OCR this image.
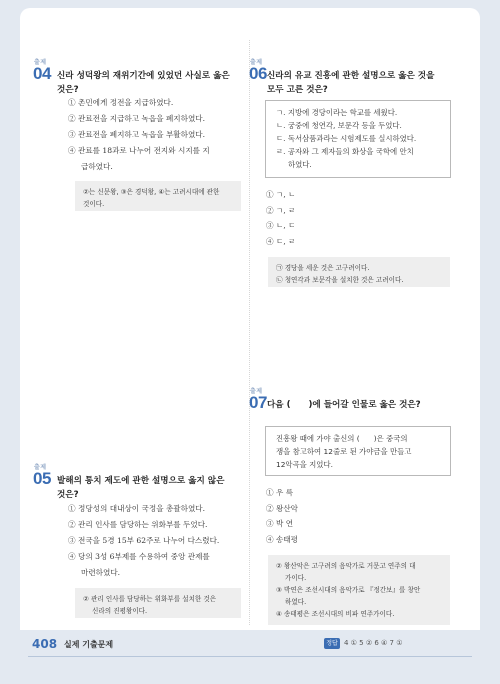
출제
04 신라 성덕왕의 재위기간에 있었던 사실로 옳은
것은?
① 촌민에게 정전을 지급하였다.
② 관료전을 지급하고 녹읍을 폐지하였다.
③ 관료전을 폐지하고 녹읍을 부활하였다.
④ 관료를 18과로 나누어 전지와 시지를 지
급하였다.
②는 신문왕, ③은 경덕왕, ④는 고려시대에 관한
것이다.
출제
06 신라의 유교 진흥에 관한 설명으로 옳은 것을
모두 고른 것은?
ㄱ. 지방에 경당이라는 학교를 세웠다.
ㄴ. 궁중에 청연각, 보문각 등을 두었다.
ㄷ. 독서삼품과라는 시험제도를 실시하였다.
ㄹ. 공자와 그 제자들의 화상을 국학에 안치
하였다.
① ㄱ, ㄴ
② ㄱ, ㄹ
③ ㄴ, ㄷ
④ ㄷ, ㄹ
㉠ 경당을 세운 것은 고구려이다.
㉡ 청연각과 보문각을 설치한 것은 고려이다.
출제
07 다음 (      )에 들어갈 인물로 옳은 것은?
진흥왕 때에 가야 출신의 (      )은 중국의
쟁을 참고하여 12줄로 된 가야금을 만들고
12악곡을 지었다.
① 우 륵
② 왕산악
③ 박 연
④ 송태평
② 왕산악은 고구려의 음악가로 거문고 연주의 대
가이다.
③ 박연은 조선시대의 음악가로 『정간보』를 창안
하였다.
④ 송태평은 조선시대의 비파 연주가이다.
출제
05 발해의 통치 제도에 관한 설명으로 옳지 않은
것은?
① 정당성의 대내상이 국정을 총괄하였다.
② 관리 인사를 담당하는 위화부를 두었다.
③ 전국을 5경 15부 62주로 나누어 다스렸다.
④ 당의 3성 6부제를 수용하여 중앙 관제를
마련하였다.
② 관리 인사를 담당하는 위화부를 설치한 것은
신라의 진평왕이다.
408 실제 기출문제	정답 4 ① 5 ② 6 ④ 7 ①
